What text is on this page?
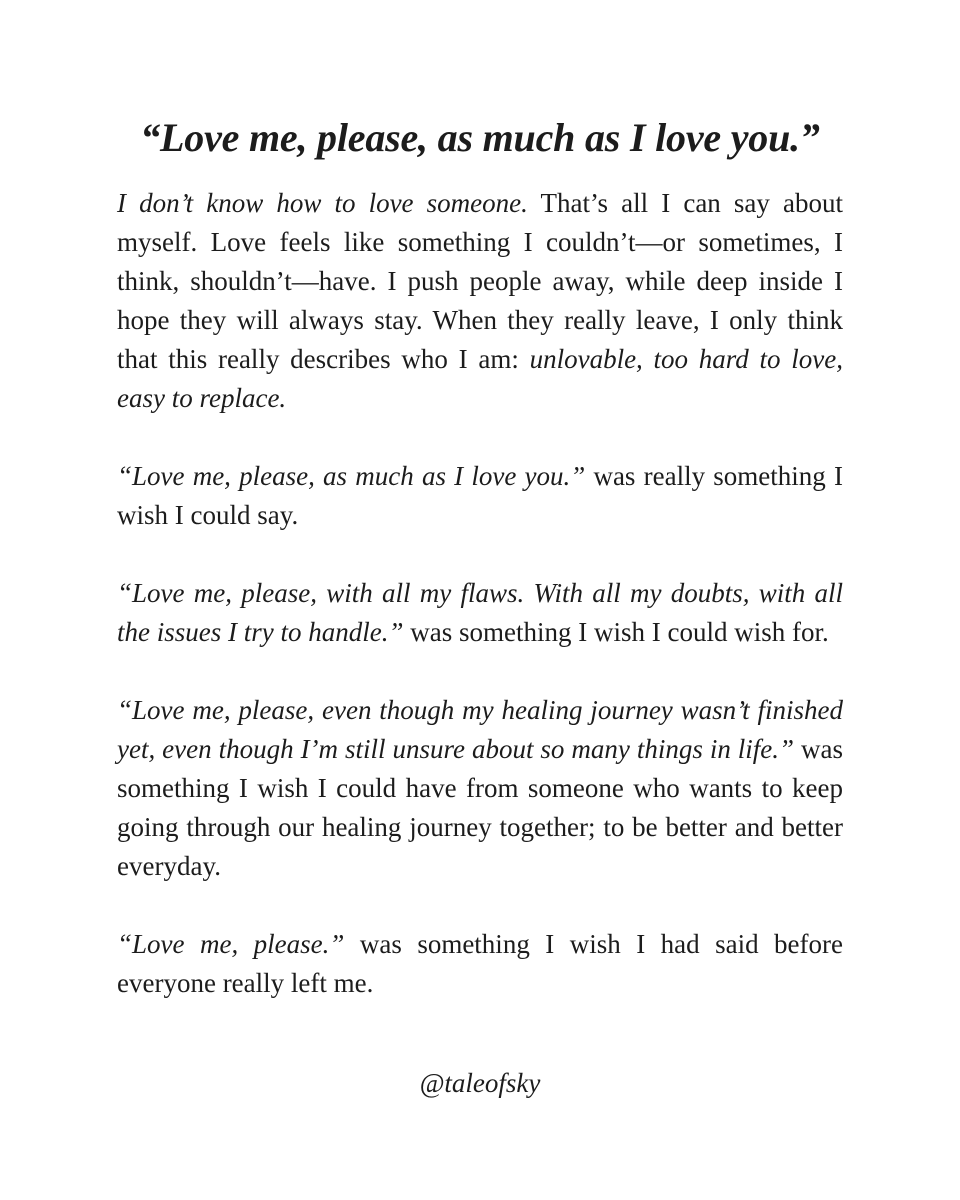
“Love me, please, as much as I love you.”

I don’t know how to love someone. That’s all I can say about myself. Love feels like something I couldn’t—or sometimes, I think, shouldn’t—have. I push people away, while deep inside I hope they will always stay. When they really leave, I only think that this really describes who I am: unlovable, too hard to love, easy to replace.

“Love me, please, as much as I love you.” was really something I wish I could say.

“Love me, please, with all my flaws. With all my doubts, with all the issues I try to handle.” was something I wish I could wish for.

“Love me, please, even though my healing journey wasn’t finished yet, even though I’m still unsure about so many things in life.” was something I wish I could have from someone who wants to keep going through our healing journey together; to be better and better everyday.

“Love me, please.” was something I wish I had said before everyone really left me.

@taleofsky
